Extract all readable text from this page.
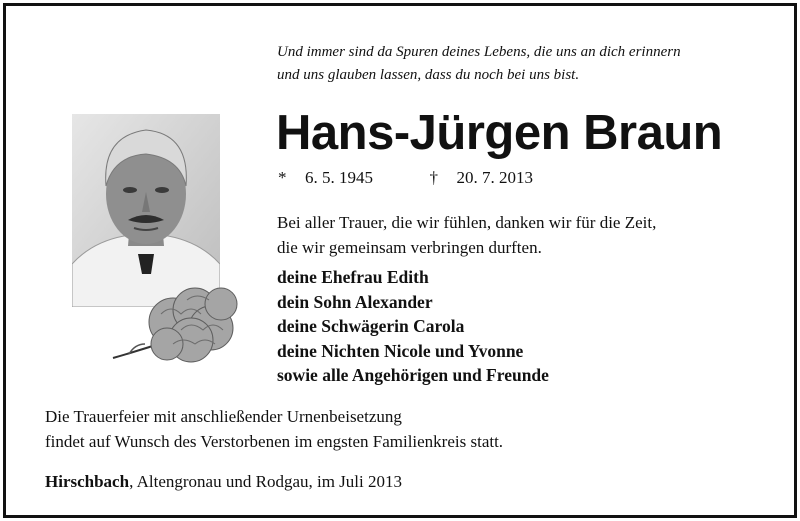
Und immer sind da Spuren deines Lebens, die uns an dich erinnern
und uns glauben lassen, dass du noch bei uns bist.
Hans-Jürgen Braun
* 6. 5. 1945	† 20. 7. 2013
Bei aller Trauer, die wir fühlen, danken wir für die Zeit,
die wir gemeinsam verbringen durften.
deine Ehefrau Edith
dein Sohn Alexander
deine Schwägerin Carola
deine Nichten Nicole und Yvonne
sowie alle Angehörigen und Freunde
Die Trauerfeier mit anschließender Urnenbeisetzung
findet auf Wunsch des Verstorbenen im engsten Familienkreis statt.
Hirschbach, Altengronau und Rodgau, im Juli 2013
